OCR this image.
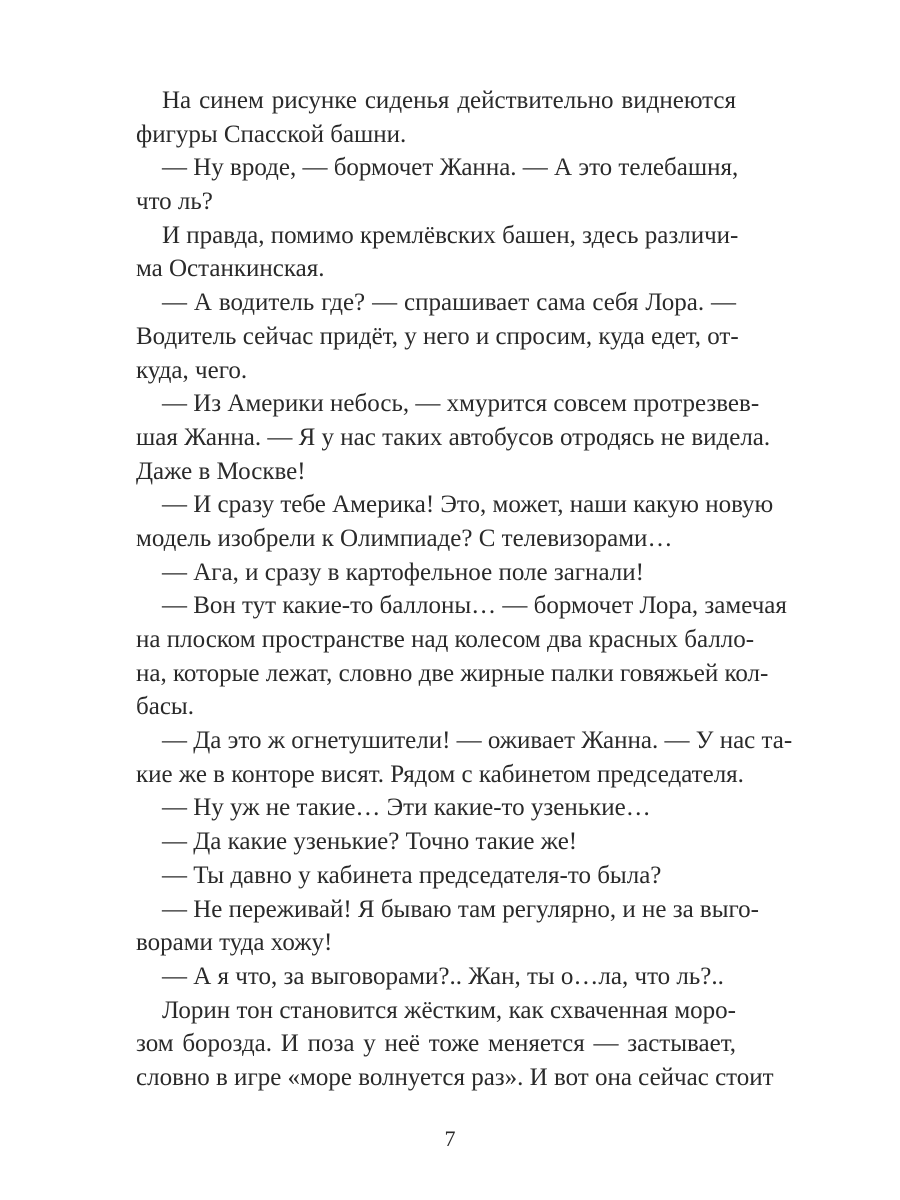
На синем рисунке сиденья действительно виднеются
фигуры Спасской башни.
— Ну вроде, — бормочет Жанна. — А это телебашня,
что ль?
И правда, помимо кремлёвских башен, здесь различи-
ма Останкинская.
— А водитель где? — спрашивает сама себя Лора. —
Водитель сейчас придёт, у него и спросим, куда едет, от-
куда, чего.
— Из Америки небось, — хмурится совсем протрезвев-
шая Жанна. — Я у нас таких автобусов отродясь не видела.
Даже в Москве!
— И сразу тебе Америка! Это, может, наши какую новую
модель изобрели к Олимпиаде? С телевизорами…
— Ага, и сразу в картофельное поле загнали!
— Вон тут какие-то баллоны… — бормочет Лора, замечая
на плоском пространстве над колесом два красных балло-
на, которые лежат, словно две жирные палки говяжьей кол-
басы.
— Да это ж огнетушители! — оживает Жанна. — У нас та-
кие же в конторе висят. Рядом с кабинетом председателя.
— Ну уж не такие… Эти какие-то узенькие…
— Да какие узенькие? Точно такие же!
— Ты давно у кабинета председателя-то была?
— Не переживай! Я бываю там регулярно, и не за выго-
ворами туда хожу!
— А я что, за выговорами?.. Жан, ты о…ла, что ль?..
Лорин тон становится жёстким, как схваченная моро-
зом борозда. И поза у неё тоже меняется — застывает,
словно в игре «море волнуется раз». И вот она сейчас стоит
7
